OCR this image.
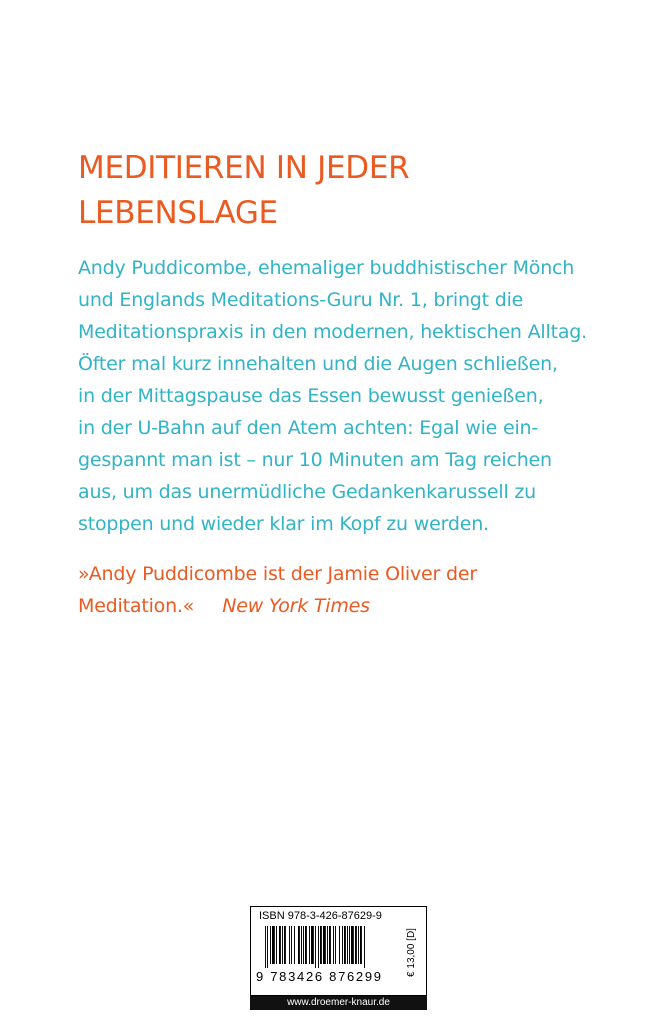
MEDITIEREN IN JEDER
LEBENSLAGE
Andy Puddicombe, ehemaliger buddhistischer Mönch
und Englands Meditations-Guru Nr. 1, bringt die
Meditationspraxis in den modernen, hektischen Alltag.
Öfter mal kurz innehalten und die Augen schließen,
in der Mittagspause das Essen bewusst genießen,
in der U-Bahn auf den Atem achten: Egal wie ein-
gespannt man ist – nur 10 Minuten am Tag reichen
aus, um das unermüdliche Gedankenkarussell zu
stoppen und wieder klar im Kopf zu werden.
»Andy Puddicombe ist der Jamie Oliver der
Meditation.« New York Times
ISBN 978-3-426-87629-9
9 783426 876299
€ 13,00 [D]
www.droemer-knaur.de
